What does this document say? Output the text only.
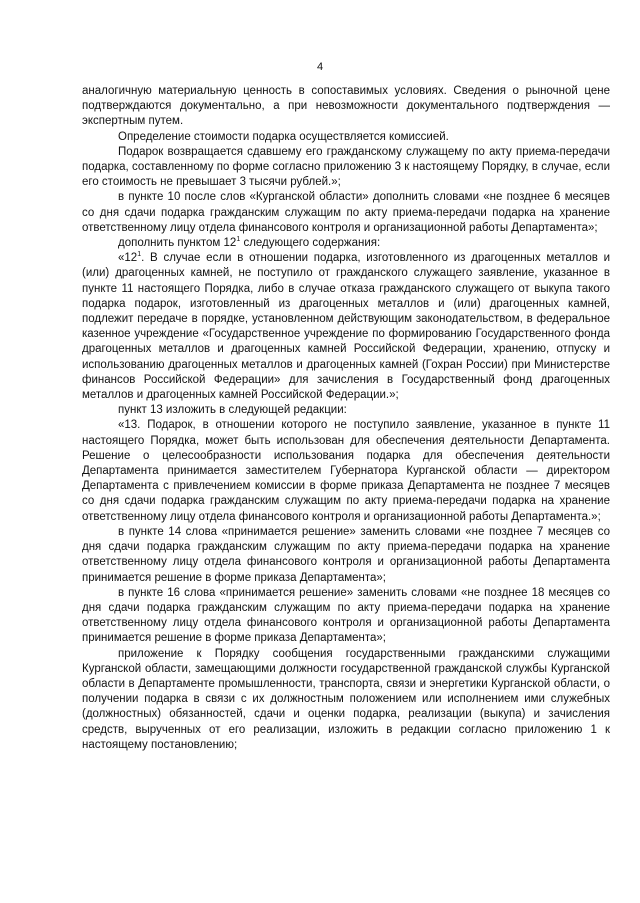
4

аналогичную материальную ценность в сопоставимых условиях. Сведения о рыночной цене подтверждаются документально, а при невозможности документального подтверждения — экспертным путем.

Определение стоимости подарка осуществляется комиссией.

Подарок возвращается сдавшему его гражданскому служащему по акту приема-передачи подарка, составленному по форме согласно приложению 3 к настоящему Порядку, в случае, если его стоимость не превышает 3 тысячи рублей.»;

в пункте 10 после слов «Курганской области» дополнить словами «не позднее 6 месяцев со дня сдачи подарка гражданским служащим по акту приема-передачи подарка на хранение ответственному лицу отдела финансового контроля и организационной работы Департамента»;

дополнить пунктом $12^1$ следующего содержания:

«$12^1$. В случае если в отношении подарка, изготовленного из драгоценных металлов и (или) драгоценных камней, не поступило от гражданского служащего заявление, указанное в пункте 11 настоящего Порядка, либо в случае отказа гражданского служащего от выкупа такого подарка подарок, изготовленный из драгоценных металлов и (или) драгоценных камней, подлежит передаче в порядке, установленном действующим законодательством, в федеральное казенное учреждение «Государственное учреждение по формированию Государственного фонда драгоценных металлов и драгоценных камней Российской Федерации, хранению, отпуску и использованию драгоценных металлов и драгоценных камней (Гохран России) при Министерстве финансов Российской Федерации» для зачисления в Государственный фонд драгоценных металлов и драгоценных камней Российской Федерации.»;

пункт 13 изложить в следующей редакции:

«13. Подарок, в отношении которого не поступило заявление, указанное в пункте 11 настоящего Порядка, может быть использован для обеспечения деятельности Департамента. Решение о целесообразности использования подарка для обеспечения деятельности Департамента принимается заместителем Губернатора Курганской области — директором Департамента с привлечением комиссии в форме приказа Департамента не позднее 7 месяцев со дня сдачи подарка гражданским служащим по акту приема-передачи подарка на хранение ответственному лицу отдела финансового контроля и организационной работы Департамента.»;

в пункте 14 слова «принимается решение» заменить словами «не позднее 7 месяцев со дня сдачи подарка гражданским служащим по акту приема-передачи подарка на хранение ответственному лицу отдела финансового контроля и организационной работы Департамента принимается решение в форме приказа Департамента»;

в пункте 16 слова «принимается решение» заменить словами «не позднее 18 месяцев со дня сдачи подарка гражданским служащим по акту приема-передачи подарка на хранение ответственному лицу отдела финансового контроля и организационной работы Департамента принимается решение в форме приказа Департамента»;

приложение к Порядку сообщения государственными гражданскими служащими Курганской области, замещающими должности государственной гражданской службы Курганской области в Департаменте промышленности, транспорта, связи и энергетики Курганской области, о получении подарка в связи с их должностным положением или исполнением ими служебных (должностных) обязанностей, сдачи и оценки подарка, реализации (выкупа) и зачисления средств, вырученных от его реализации, изложить в редакции согласно приложению 1 к настоящему постановлению;
